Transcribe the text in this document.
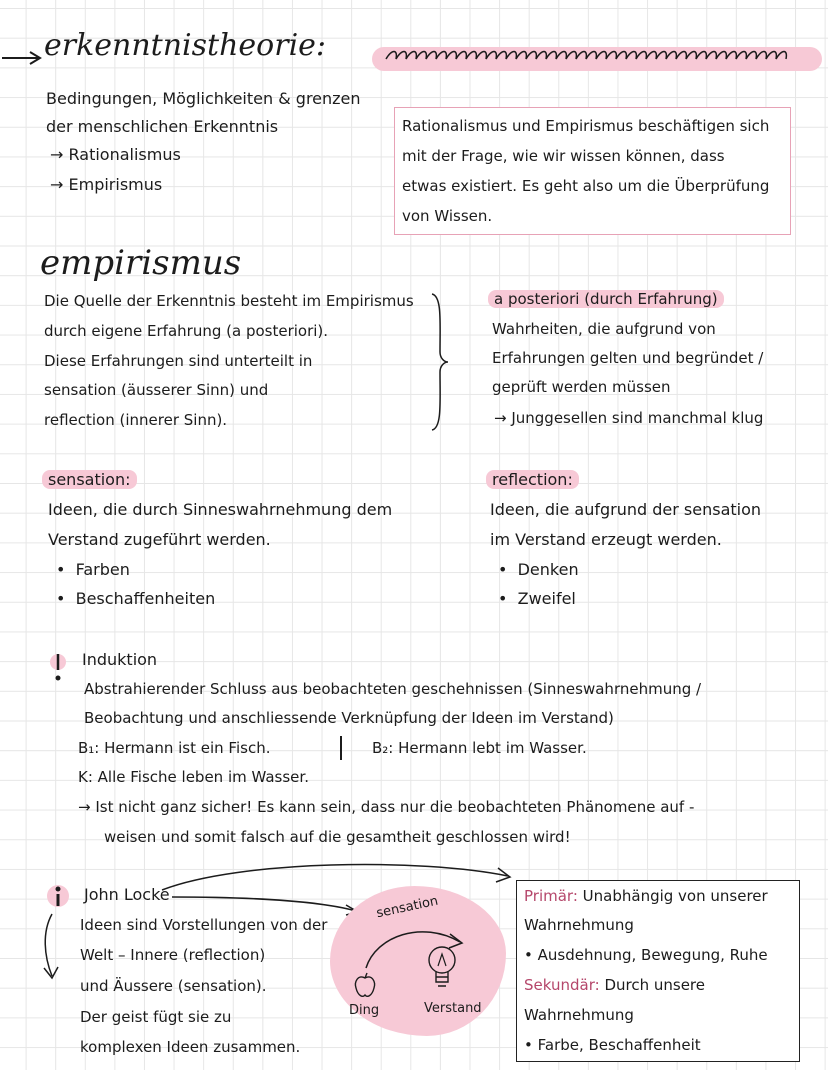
erkenntnistheorie:
Bedingungen, Möglichkeiten & grenzen
der menschlichen Erkenntnis
→ Rationalismus
→ Empirismus
Rationalismus und Empirismus beschäftigen sich
mit der Frage, wie wir wissen können, dass
etwas existiert. Es geht also um die Überprüfung
von Wissen.
empirismus
Die Quelle der Erkenntnis besteht im Empirismus
durch eigene Erfahrung (a posteriori).
Diese Erfahrungen sind unterteilt in
sensation (äusserer Sinn) und
reflection (innerer Sinn).
a posteriori (durch Erfahrung)
Wahrheiten, die aufgrund von
Erfahrungen gelten und begründet /
geprüft werden müssen
→ Junggesellen sind manchmal klug
sensation:
Ideen, die durch Sinneswahrnehmung dem
Verstand zugeführt werden.
•  Farben
•  Beschaffenheiten
reflection:
Ideen, die aufgrund der sensation
im Verstand erzeugt werden.
•  Denken
•  Zweifel
Induktion
Abstrahierender Schluss aus beobachteten geschehnissen (Sinneswahrnehmung /
Beobachtung und anschliessende Verknüpfung der Ideen im Verstand)
B₁: Hermann ist ein Fisch.	B₂: Hermann lebt im Wasser.
K: Alle Fische leben im Wasser.
→ Ist nicht ganz sicher! Es kann sein, dass nur die beobachteten Phänomene auf -
weisen und somit falsch auf die gesamtheit geschlossen wird!
John Locke
Ideen sind Vorstellungen von der
Welt – Innere (reflection)
und Äussere (sensation).
Der geist fügt sie zu
komplexen Ideen zusammen.
sensation
Ding	Verstand
Primär: Unabhängig von unserer
Wahrnehmung
• Ausdehnung, Bewegung, Ruhe
Sekundär: Durch unsere
Wahrnehmung
• Farbe, Beschaffenheit
